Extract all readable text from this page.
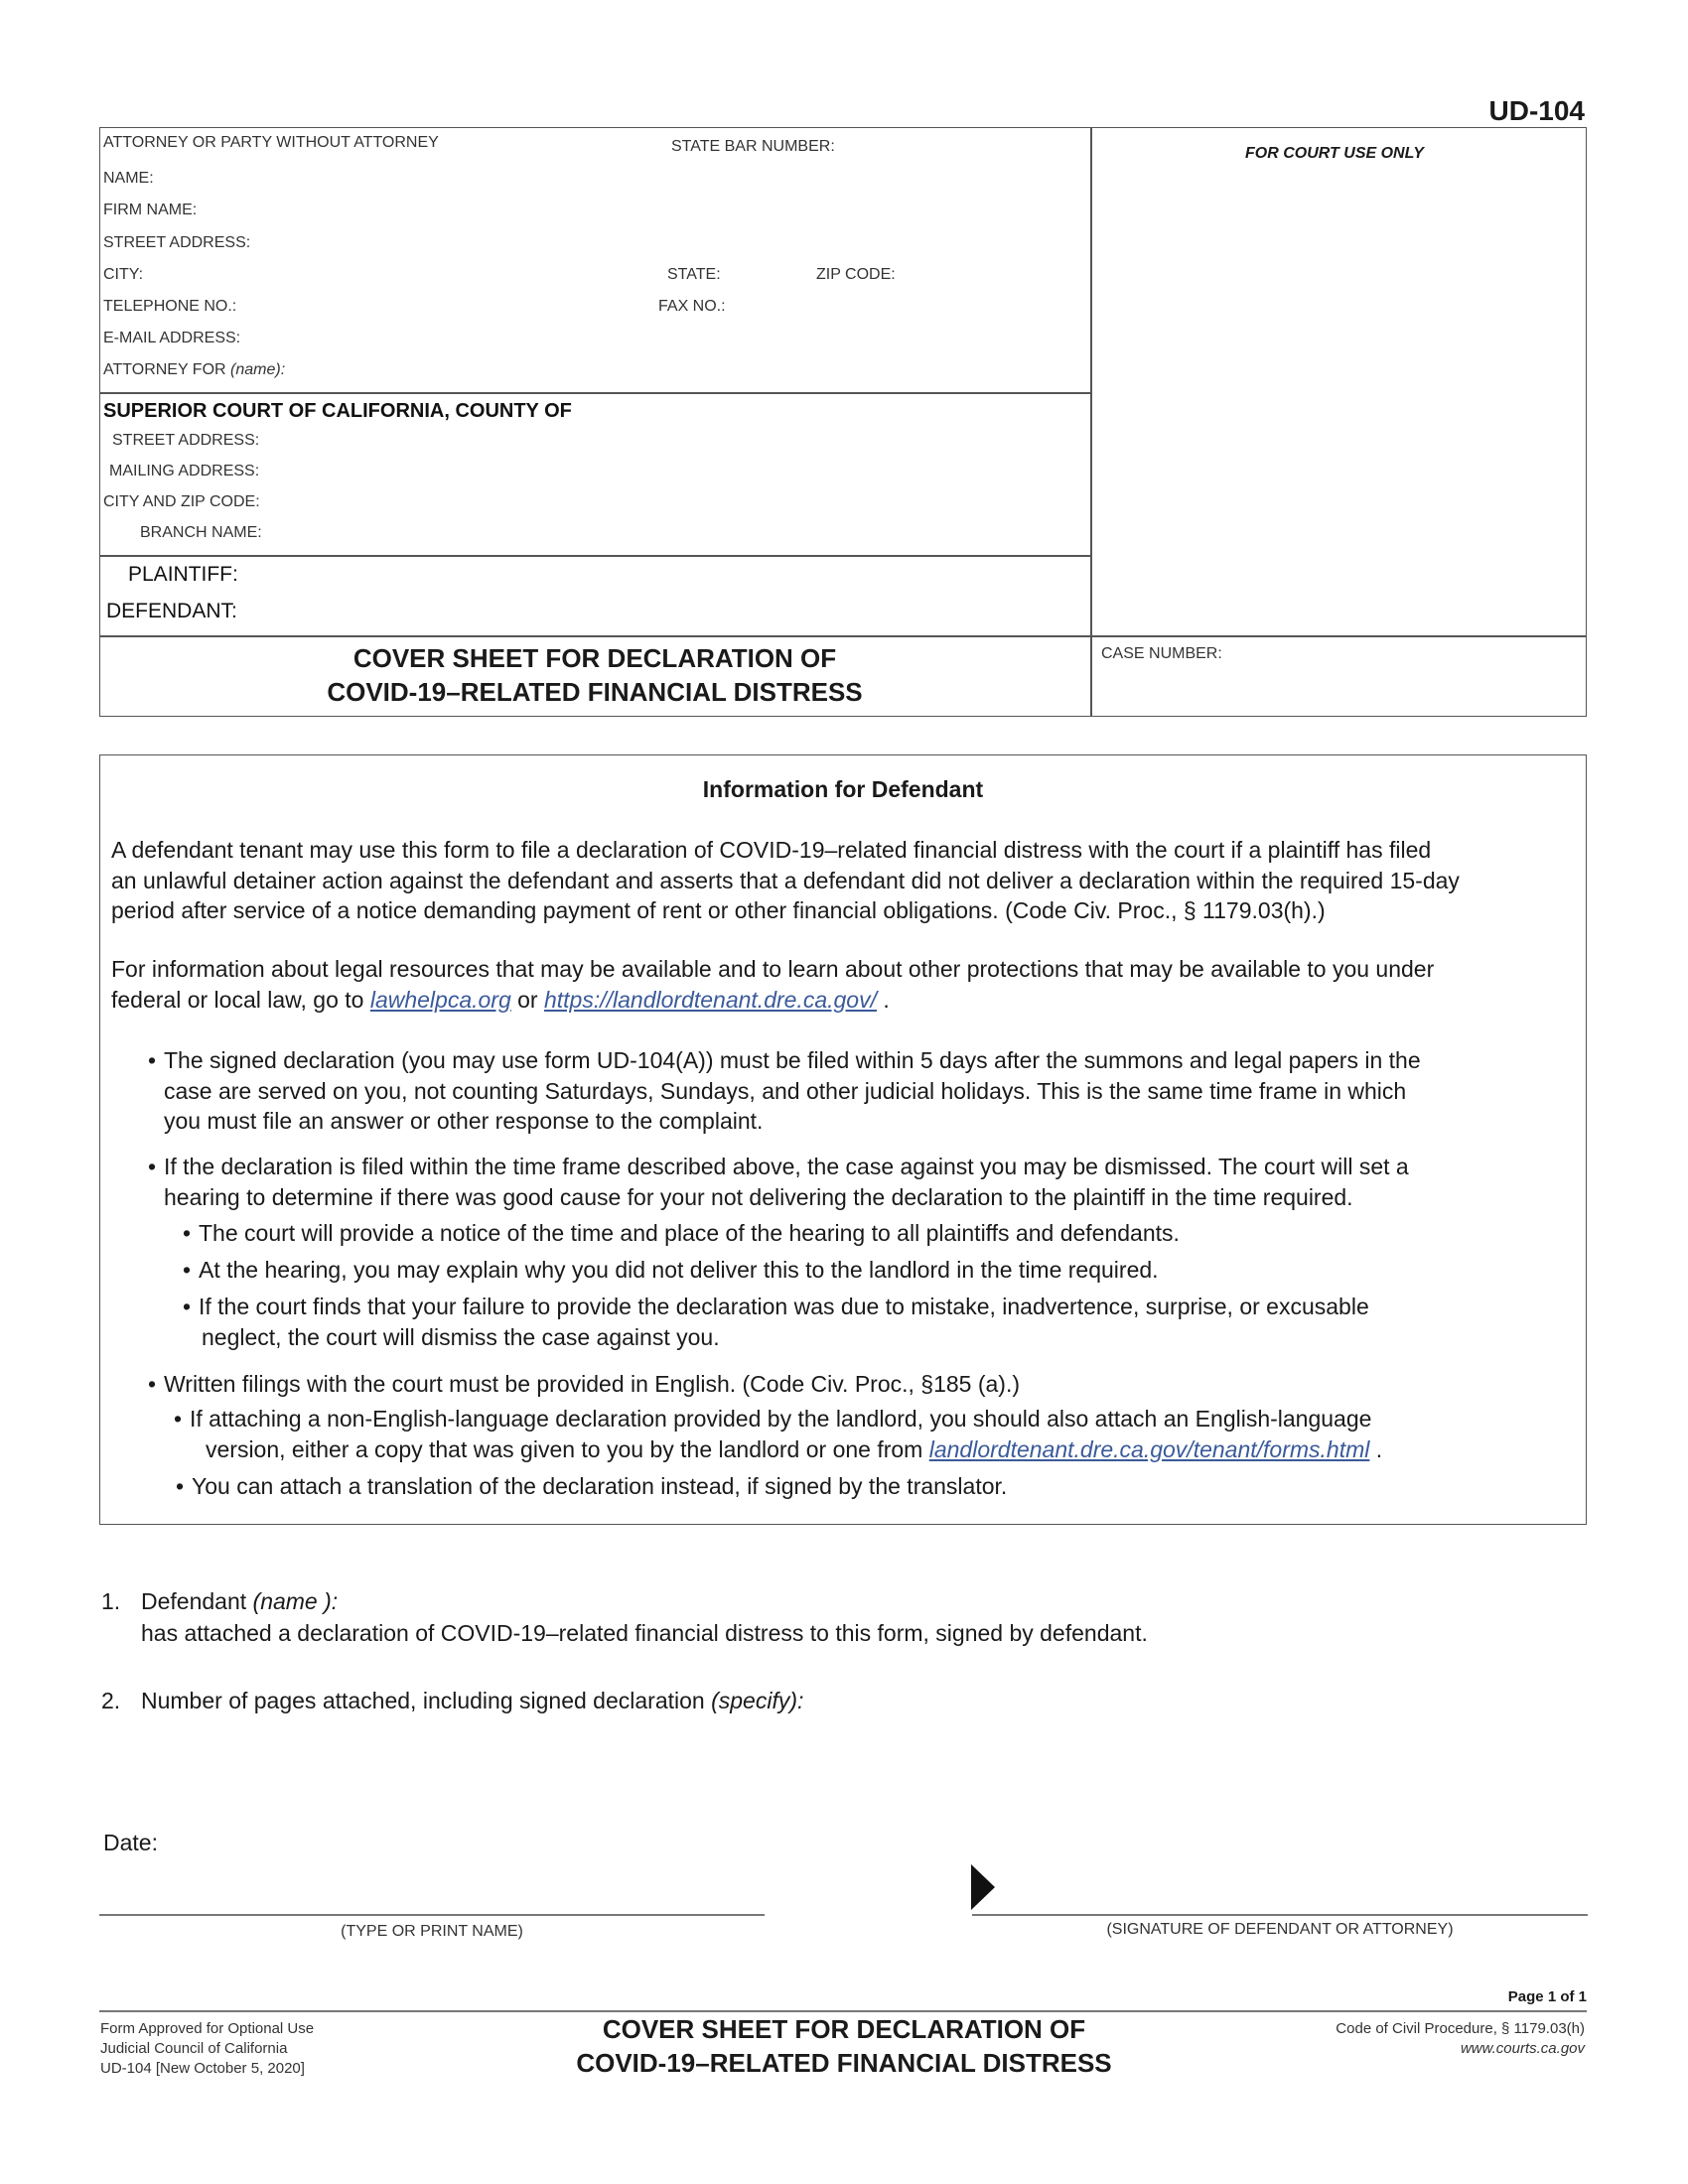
UD-104
ATTORNEY OR PARTY WITHOUT ATTORNEY	STATE BAR NUMBER:
NAME:
FIRM NAME:
STREET ADDRESS:
CITY:	STATE:	ZIP CODE:
TELEPHONE NO.:	FAX NO.:
E-MAIL ADDRESS:
ATTORNEY FOR (name):
FOR COURT USE ONLY
SUPERIOR COURT OF CALIFORNIA, COUNTY OF
STREET ADDRESS:
MAILING ADDRESS:
CITY AND ZIP CODE:
BRANCH NAME:
PLAINTIFF:
DEFENDANT:
COVER SHEET FOR DECLARATION OF
COVID-19–RELATED FINANCIAL DISTRESS
CASE NUMBER:
Information for Defendant
A defendant tenant may use this form to file a declaration of COVID-19–related financial distress with the court if a plaintiff has filed
an unlawful detainer action against the defendant and asserts that a defendant did not deliver a declaration within the required 15-day
period after service of a notice demanding payment of rent or other financial obligations. (Code Civ. Proc., § 1179.03(h).)
For information about legal resources that may be available and to learn about other protections that may be available to you under
federal or local law, go to lawhelpca.org or https://landlordtenant.dre.ca.gov/ .
• The signed declaration (you may use form UD-104(A)) must be filed within 5 days after the summons and legal papers in the
case are served on you, not counting Saturdays, Sundays, and other judicial holidays. This is the same time frame in which
you must file an answer or other response to the complaint.
• If the declaration is filed within the time frame described above, the case against you may be dismissed. The court will set a
hearing to determine if there was good cause for your not delivering the declaration to the plaintiff in the time required.
• The court will provide a notice of the time and place of the hearing to all plaintiffs and defendants.
• At the hearing, you may explain why you did not deliver this to the landlord in the time required.
• If the court finds that your failure to provide the declaration was due to mistake, inadvertence, surprise, or excusable
neglect, the court will dismiss the case against you.
• Written filings with the court must be provided in English. (Code Civ. Proc., §185 (a).)
• If attaching a non-English-language declaration provided by the landlord, you should also attach an English-language
version, either a copy that was given to you by the landlord or one from landlordtenant.dre.ca.gov/tenant/forms.html .
• You can attach a translation of the declaration instead, if signed by the translator.
1. Defendant (name ):
has attached a declaration of COVID-19–related financial distress to this form, signed by defendant.
2. Number of pages attached, including signed declaration (specify):
Date:
(TYPE OR PRINT NAME)	(SIGNATURE OF DEFENDANT OR ATTORNEY)
Page 1 of 1
Form Approved for Optional Use
Judicial Council of California
UD-104 [New October 5, 2020]
COVER SHEET FOR DECLARATION OF
COVID-19–RELATED FINANCIAL DISTRESS
Code of Civil Procedure, § 1179.03(h)
www.courts.ca.gov
